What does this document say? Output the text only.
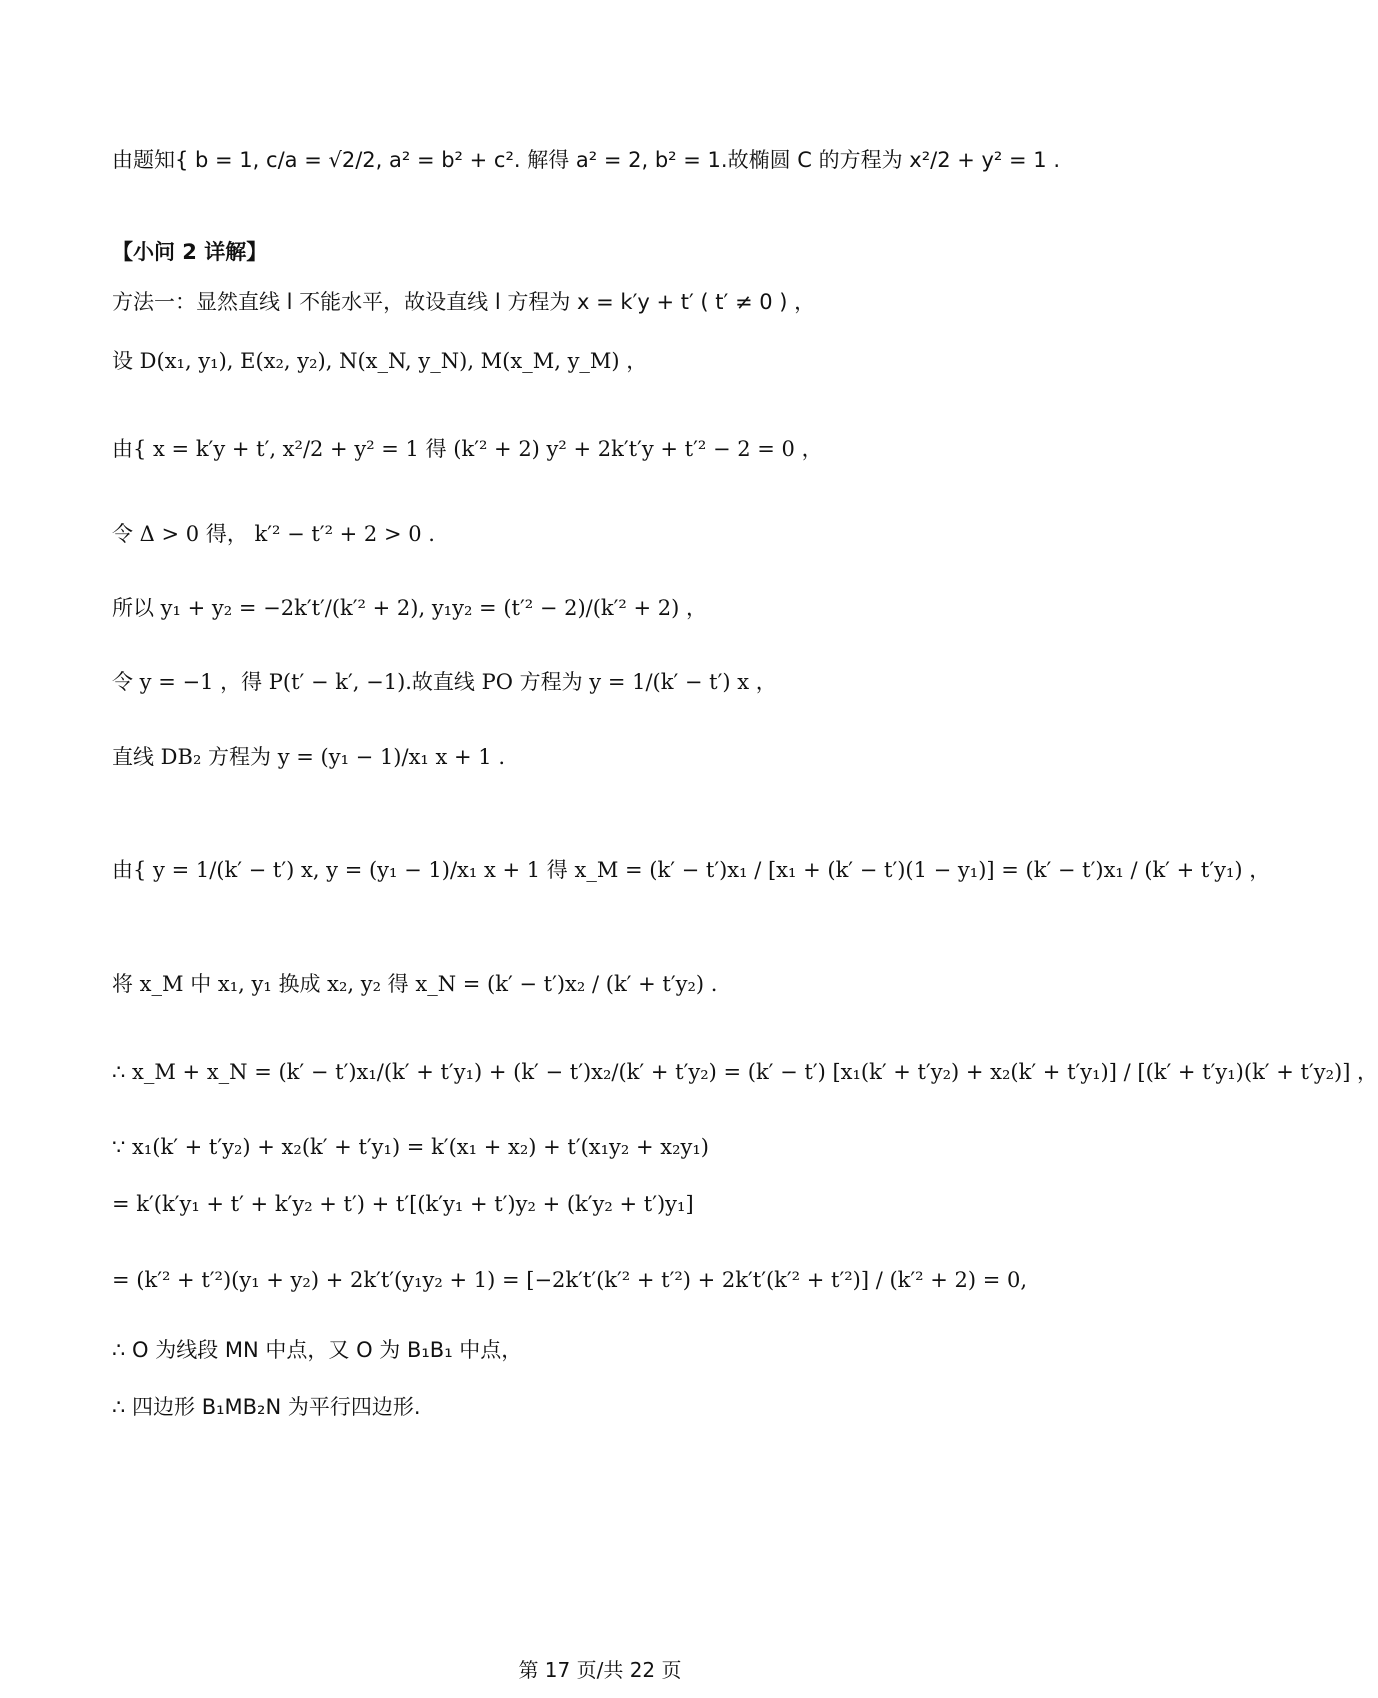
由题知{ b = 1, c/a = √2/2, a² = b² + c². 解得 a² = 2, b² = 1.故椭圆 C 的方程为 x²/2 + y² = 1 .
【小问 2 详解】
方法一：显然直线 l 不能水平，故设直线 l 方程为 x = k′y + t′ ( t′ ≠ 0 ) ，
设 D(x₁, y₁), E(x₂, y₂), N(x_N, y_N), M(x_M, y_M) ，
由{ x = k′y + t′, x²/2 + y² = 1 得 (k′² + 2) y² + 2k′t′y + t′² − 2 = 0 ，
令 Δ > 0 得， k′² − t′² + 2 > 0 .
所以 y₁ + y₂ = −2k′t′/(k′² + 2), y₁y₂ = (t′² − 2)/(k′² + 2) ，
令 y = −1 ，得 P(t′ − k′, −1).故直线 PO 方程为 y = 1/(k′ − t′) x ，
直线 DB₂ 方程为 y = (y₁ − 1)/x₁ x + 1 .
由{ y = 1/(k′ − t′) x, y = (y₁ − 1)/x₁ x + 1 得 x_M = (k′ − t′)x₁ / [x₁ + (k′ − t′)(1 − y₁)] = (k′ − t′)x₁ / (k′ + t′y₁) ，
将 x_M 中 x₁, y₁ 换成 x₂, y₂ 得 x_N = (k′ − t′)x₂ / (k′ + t′y₂) .
∴ x_M + x_N = (k′ − t′)x₁/(k′ + t′y₁) + (k′ − t′)x₂/(k′ + t′y₂) = (k′ − t′) [x₁(k′ + t′y₂) + x₂(k′ + t′y₁)] / [(k′ + t′y₁)(k′ + t′y₂)] ，
∵ x₁(k′ + t′y₂) + x₂(k′ + t′y₁) = k′(x₁ + x₂) + t′(x₁y₂ + x₂y₁)
= k′(k′y₁ + t′ + k′y₂ + t′) + t′[(k′y₁ + t′)y₂ + (k′y₂ + t′)y₁]
= (k′² + t′²)(y₁ + y₂) + 2k′t′(y₁y₂ + 1) = [−2k′t′(k′² + t′²) + 2k′t′(k′² + t′²)] / (k′² + 2) = 0,
∴ O 为线段 MN 中点，又 O 为 B₁B₁ 中点，
∴ 四边形 B₁MB₂N 为平行四边形.
第 17 页/共 22 页
